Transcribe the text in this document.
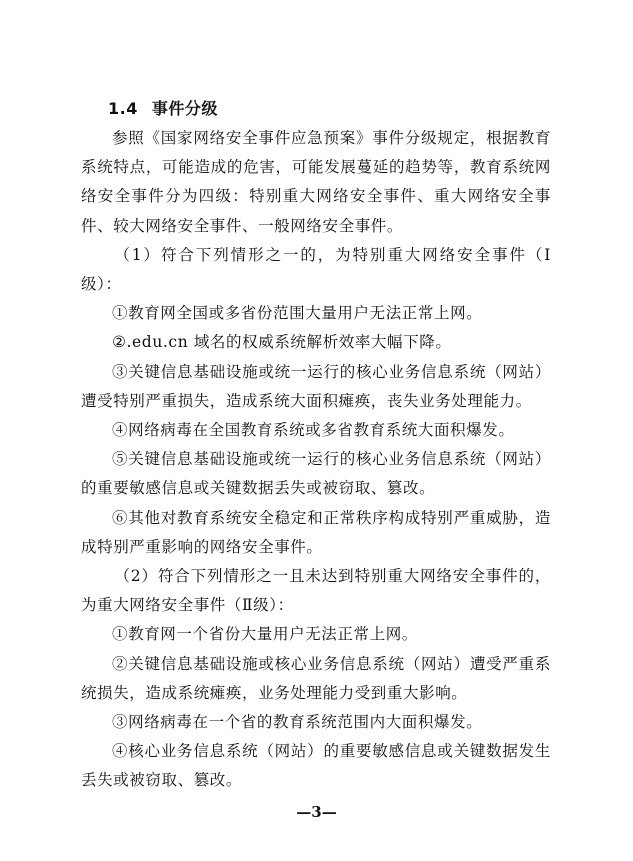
1.4 事件分级

参照《国家网络安全事件应急预案》事件分级规定，根据教育系统特点，可能造成的危害，可能发展蔓延的趋势等，教育系统网络安全事件分为四级：特别重大网络安全事件、重大网络安全事件、较大网络安全事件、一般网络安全事件。

（1）符合下列情形之一的，为特别重大网络安全事件（Ⅰ级）：

①教育网全国或多省份范围大量用户无法正常上网。

②.edu.cn 域名的权威系统解析效率大幅下降。

③关键信息基础设施或统一运行的核心业务信息系统（网站）遭受特别严重损失，造成系统大面积瘫痪，丧失业务处理能力。

④网络病毒在全国教育系统或多省教育系统大面积爆发。

⑤关键信息基础设施或统一运行的核心业务信息系统（网站）的重要敏感信息或关键数据丢失或被窃取、篡改。

⑥其他对教育系统安全稳定和正常秩序构成特别严重威胁，造成特别严重影响的网络安全事件。

（2）符合下列情形之一且未达到特别重大网络安全事件的，为重大网络安全事件（Ⅱ级）：

①教育网一个省份大量用户无法正常上网。

②关键信息基础设施或核心业务信息系统（网站）遭受严重系统损失，造成系统瘫痪，业务处理能力受到重大影响。

③网络病毒在一个省的教育系统范围内大面积爆发。

④核心业务信息系统（网站）的重要敏感信息或关键数据发生丢失或被窃取、篡改。

—3—
